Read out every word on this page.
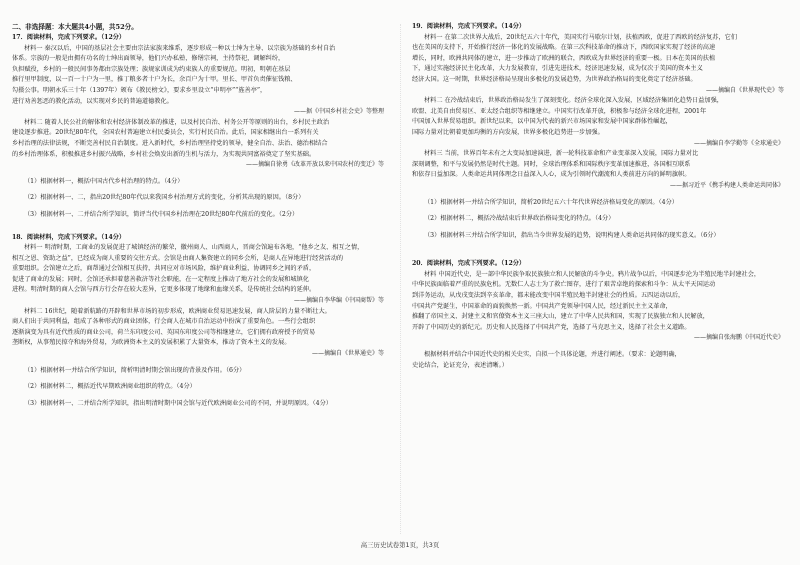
二、非选择题：本大题共4小题，共52分。
17．阅读材料，完成下列要求。（12分）
材料一 秦汉以后，中国的基层社会主要由宗法家族来维系，逐步形成一种以士绅为主导、以宗族为基础的乡村自治
体系。宗族的一般是由拥有功名的士绅出面领导，他们兴办私塾，修缮宗祠，主持祭祀，调解纠纷，
负担赋役，乡村的一般民间事务都由宗族处理；族规家训成为约束族人的重要规范。明初，明朝在基层
推行里甲制度，以一百一十户为一里，推丁粮多者十户为长，余百户为十甲。里长、甲首负责催征钱粮、
勾摄公事。明朝永乐三十年（1397年）颁布《教民榜文》，要求乡里设立“申明亭”“旌善亭”，
进行劝善惩恶的教化活动，以实现对乡民的普遍道德教化。
——据《中国乡村社会史》等整理
材料二 随着人民公社的解体和农村经济体制改革的推进，以及村民自治、村务公开等原则的出台，乡村民主政治
建设逐步推进。20世纪80年代，全国农村普遍建立村民委员会，实行村民自治。此后，国家相继出台一系列有关
乡村治理的法律法规，不断完善村民自治制度。进入新时代，乡村治理坚持党的领导，健全自治、法治、德治相结合
的乡村治理体系，积极推进乡村振兴战略，乡村社会焕发出新的生机与活力，为实现共同富裕奠定了坚实基础。
——摘编自徐勇《改革开放以来中国农村的变迁》等
（1）根据材料一，概括中国古代乡村治理的特点。（4分）
（2）根据材料一、二，指出20世纪80年代以来我国乡村治理方式的变化，分析其出现的原因。（8分）
（3）根据材料一、二并结合所学知识，简评当代中国乡村治理在20世纪80年代前后的变化。（2分）
18．阅读材料，完成下列要求。（14分）
材料一 明清时期，工商业的发展促进了城镇经济的繁荣，徽州商人、山西商人，晋商会馆遍布各地，“他乡之友、相互之情，
相互之恩、资助之益”，已经成为商人重要的交往方式。会馆是由商人集资建立的同乡会所，是商人在异地进行经营活动的
重要组织。会馆建立之后，商帮通过会馆相互扶持，共同应对市场风险，维护商业利益，协调同乡之间的矛盾，
促进了商业的发展；同时，会馆还承担着慈善救济等社会职能，在一定程度上推动了地方社会的发展和城镇化
进程。明清时期的商人会馆与西方行会存在较大差异，它更多体现了地缘和血缘关系，是传统社会结构的延伸。
——摘编自李华编《中国商帮》等
材料二 16世纪，随着新航路的开辟和世界市场的初步形成，欧洲商业贸易迅速发展，商人阶层的力量不断壮大。
商人们出于共同利益，组成了各种形式的商业团体，行会商人在城市自治运动中扮演了重要角色。一些行会组织
逐渐演变为具有近代性质的商业公司，荷兰东印度公司、英国东印度公司等相继建立，它们拥有政府授予的贸易
垄断权，从事殖民掠夺和海外贸易，为欧洲资本主义的发展积累了大量资本，推动了资本主义的发展。
——摘编自《世界通史》等
（1）根据材料一并结合所学知识，简析明清时期会馆出现的背景及作用。（6分）
（2）根据材料二，概括近代早期欧洲商业组织的特点。（4分）
（3）根据材料一、二并结合所学知识，指出明清时期中国会馆与近代欧洲商业公司的不同，并说明原因。（4分）
19．阅读材料，完成下列要求。（14分）
材料一 在第二次世界大战后，20世纪五六十年代，美国实行马歇尔计划，扶植西欧，促进了西欧的经济复苏，它们
也在美国的支持下，开始推行经济一体化的发展战略。在第三次科技革命的推动下，西欧国家实现了经济的高速
增长，同时，欧洲共同体的建立，进一步推动了欧洲的联合，西欧成为世界经济的重要一极。日本在美国的扶植
下，通过实施经济民主化改革，大力发展教育，引进先进技术，经济迅速发展，成为仅次于美国的资本主义
经济大国。这一时期，世界经济格局呈现出多极化的发展趋势，为世界政治格局的变化奠定了经济基础。
——摘编自《世界现代史》等
材料二 在冷战结束后，世界政治格局发生了深刻变化。经济全球化深入发展，区域经济集团化趋势日益加强，
欧盟、北美自由贸易区、亚太经合组织等相继建立。中国实行改革开放，积极参与经济全球化进程，2001年
中国加入世界贸易组织。新世纪以来，以中国为代表的新兴市场国家和发展中国家群体性崛起，
国际力量对比朝着更加均衡的方向发展，世界多极化趋势进一步加强。
——摘编自李学勤等《全球通史》
材料三 当前，世界百年未有之大变局加速演进，新一轮科技革命和产业变革深入发展，国际力量对比
深刻调整，和平与发展仍然是时代主题。同时，全球治理体系和国际秩序变革加速推进，各国相互联系
和依存日益加深。人类命运共同体理念日益深入人心，成为引领时代潮流和人类前进方向的鲜明旗帜。
——据习近平《携手构建人类命运共同体》
（1）根据材料一并结合所学知识，简析20世纪五六十年代世界经济格局变化的原因。（4分）
（2）根据材料二，概括冷战结束后世界政治格局变化的特点。（4分）
（3）根据材料三并结合所学知识，指出当今世界发展的趋势，说明构建人类命运共同体的现实意义。（6分）
20．阅读材料，完成下列要求。（12分）
材料 中国近代史，是一部中华民族争取民族独立和人民解放的斗争史。鸦片战争以后，中国逐步沦为半殖民地半封建社会，
中华民族面临着严重的民族危机。无数仁人志士为了救亡图存，进行了艰苦卓绝的探索和斗争：从太平天国运动
到洋务运动，从戊戌变法到辛亥革命，都未能改变中国半殖民地半封建社会的性质。五四运动以后，
中国共产党诞生，中国革命的面貌焕然一新。中国共产党领导中国人民，经过新民主主义革命，
推翻了帝国主义、封建主义和官僚资本主义三座大山，建立了中华人民共和国，实现了民族独立和人民解放，
开辟了中国历史的新纪元。历史和人民选择了中国共产党，选择了马克思主义，选择了社会主义道路。
——摘编自张海鹏《中国近代史》
根据材料并结合中国近代史的相关史实，自拟一个具体论题，并进行阐述。（要求：论题明确，
史论结合，论证充分，表述清晰。）
高三历史试卷第1页，共3页
